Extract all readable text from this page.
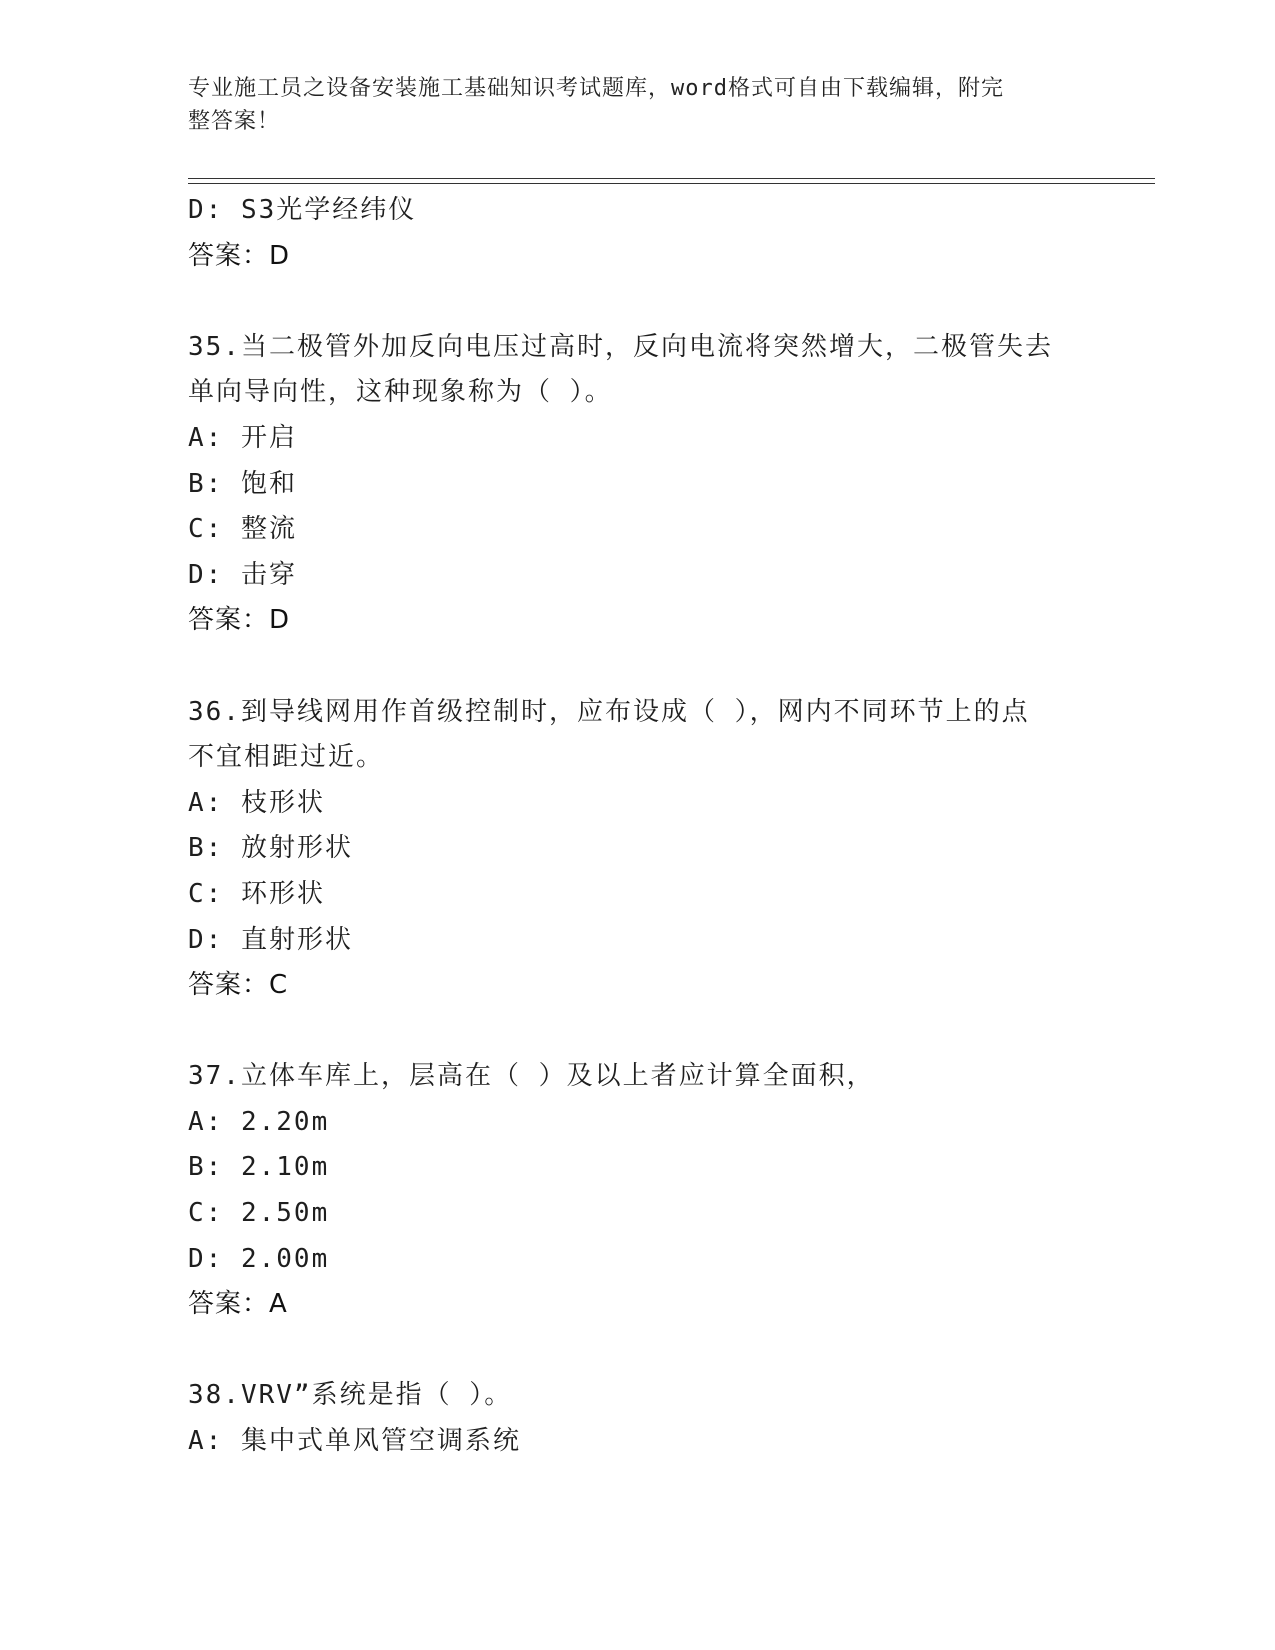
专业施工员之设备安装施工基础知识考试题库，word格式可自由下载编辑，附完
整答案！
D: S3光学经纬仪
答案：D
35.当二极管外加反向电压过高时，反向电流将突然增大，二极管失去
单向导向性，这种现象称为（ ）。
A: 开启
B: 饱和
C: 整流
D: 击穿
答案：D
36.到导线网用作首级控制时，应布设成（ ），网内不同环节上的点
不宜相距过近。
A: 枝形状
B: 放射形状
C: 环形状
D: 直射形状
答案：C
37.立体车库上，层高在（ ）及以上者应计算全面积，
A: 2.20m
B: 2.10m
C: 2.50m
D: 2.00m
答案：A
38.VRV”系统是指（ ）。
A: 集中式单风管空调系统
